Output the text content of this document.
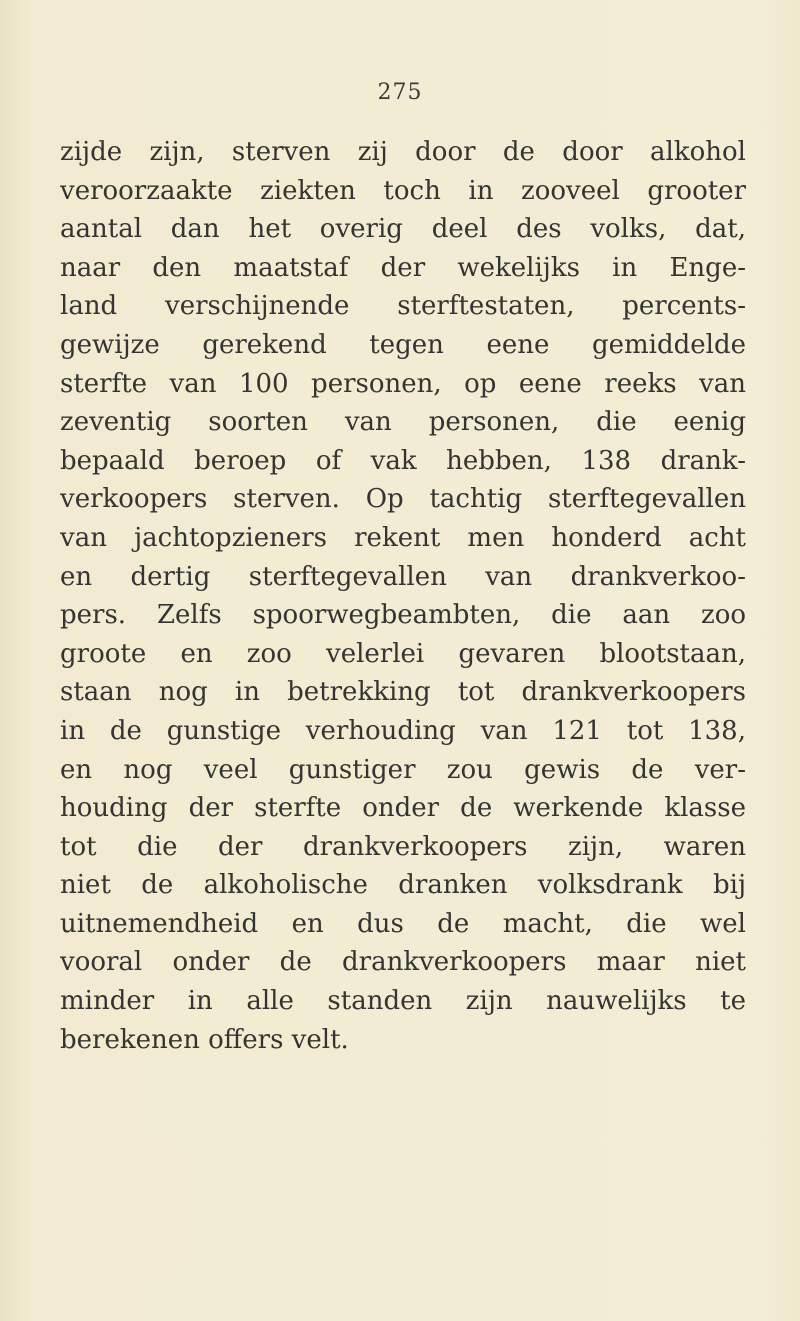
275
zijde zijn, sterven zij door de door alkohol
veroorzaakte ziekten toch in zooveel grooter
aantal dan het overig deel des volks, dat,
naar den maatstaf der wekelijks in Enge-
land verschijnende sterftestaten, percents-
gewijze gerekend tegen eene gemiddelde
sterfte van 100 personen, op eene reeks van
zeventig soorten van personen, die eenig
bepaald beroep of vak hebben, 138 drank-
verkoopers sterven. Op tachtig sterftegevallen
van jachtopzieners rekent men honderd acht
en dertig sterftegevallen van drankverkoo-
pers. Zelfs spoorwegbeambten, die aan zoo
groote en zoo velerlei gevaren blootstaan,
staan nog in betrekking tot drankverkoopers
in de gunstige verhouding van 121 tot 138,
en nog veel gunstiger zou gewis de ver-
houding der sterfte onder de werkende klasse
tot die der drankverkoopers zijn, waren
niet de alkoholische dranken volksdrank bij
uitnemendheid en dus de macht, die wel
vooral onder de drankverkoopers maar niet
minder in alle standen zijn nauwelijks te
berekenen offers velt.
